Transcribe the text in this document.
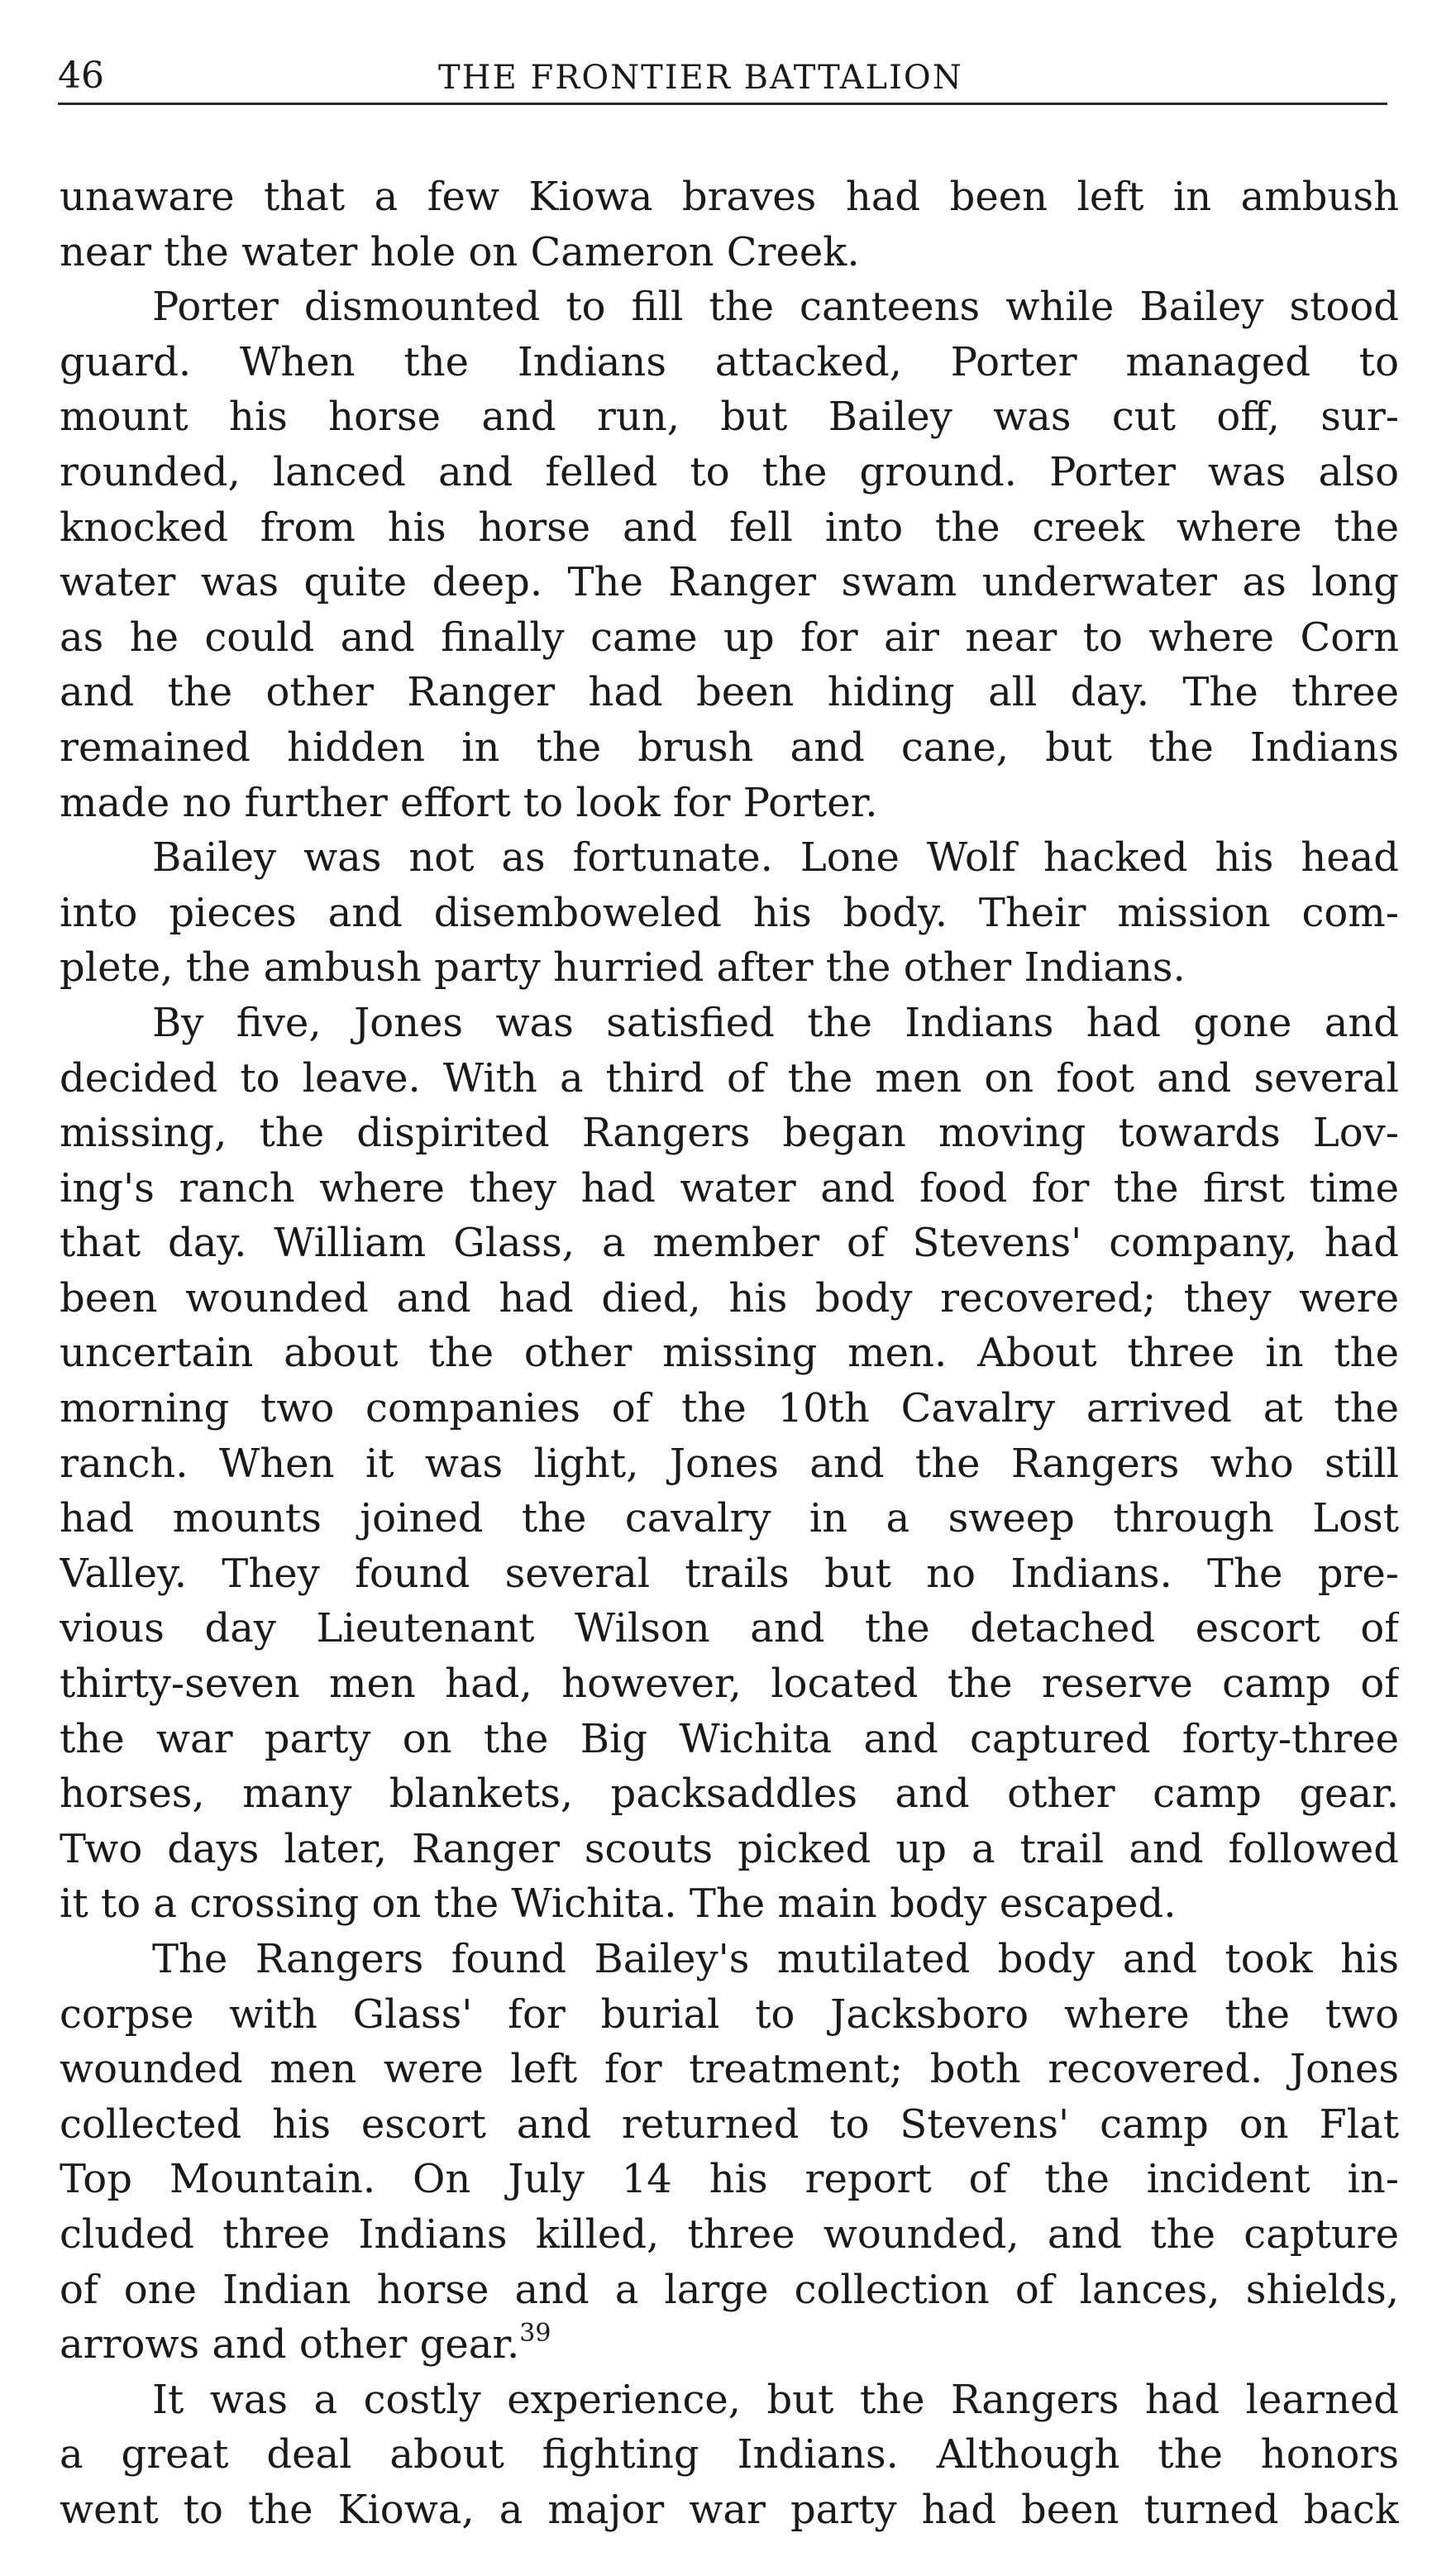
46	THE FRONTIER BATTALION
unaware that a few Kiowa braves had been left in ambush
near the water hole on Cameron Creek.
Porter dismounted to fill the canteens while Bailey stood
guard. When the Indians attacked, Porter managed to
mount his horse and run, but Bailey was cut off, sur-
rounded, lanced and felled to the ground. Porter was also
knocked from his horse and fell into the creek where the
water was quite deep. The Ranger swam underwater as long
as he could and finally came up for air near to where Corn
and the other Ranger had been hiding all day. The three
remained hidden in the brush and cane, but the Indians
made no further effort to look for Porter.
Bailey was not as fortunate. Lone Wolf hacked his head
into pieces and disemboweled his body. Their mission com-
plete, the ambush party hurried after the other Indians.
By five, Jones was satisfied the Indians had gone and
decided to leave. With a third of the men on foot and several
missing, the dispirited Rangers began moving towards Lov-
ing's ranch where they had water and food for the first time
that day. William Glass, a member of Stevens' company, had
been wounded and had died, his body recovered; they were
uncertain about the other missing men. About three in the
morning two companies of the 10th Cavalry arrived at the
ranch. When it was light, Jones and the Rangers who still
had mounts joined the cavalry in a sweep through Lost
Valley. They found several trails but no Indians. The pre-
vious day Lieutenant Wilson and the detached escort of
thirty-seven men had, however, located the reserve camp of
the war party on the Big Wichita and captured forty-three
horses, many blankets, packsaddles and other camp gear.
Two days later, Ranger scouts picked up a trail and followed
it to a crossing on the Wichita. The main body escaped.
The Rangers found Bailey's mutilated body and took his
corpse with Glass' for burial to Jacksboro where the two
wounded men were left for treatment; both recovered. Jones
collected his escort and returned to Stevens' camp on Flat
Top Mountain. On July 14 his report of the incident in-
cluded three Indians killed, three wounded, and the capture
of one Indian horse and a large collection of lances, shields,
arrows and other gear.$^{39}$
It was a costly experience, but the Rangers had learned
a great deal about fighting Indians. Although the honors
went to the Kiowa, a major war party had been turned back
